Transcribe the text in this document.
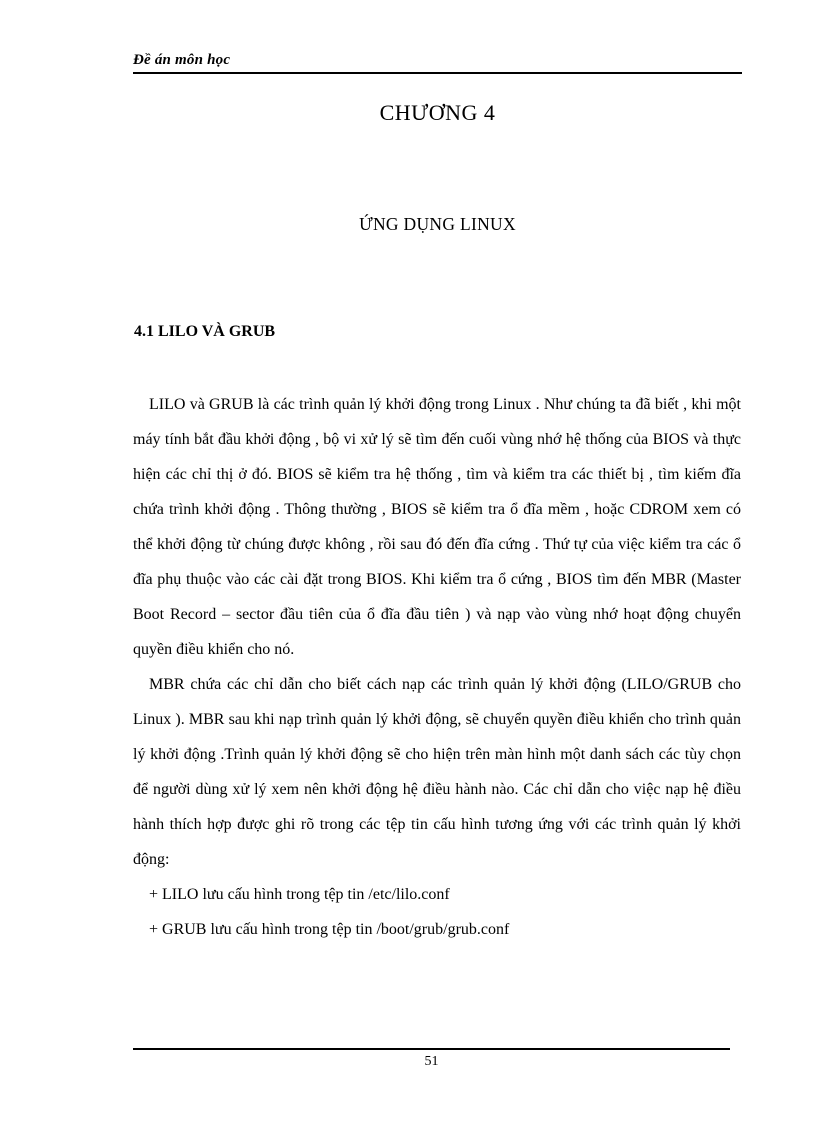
Đề án môn học
CHƯƠNG 4
ỨNG DỤNG LINUX
4.1 LILO VÀ GRUB

LILO và GRUB là các trình quản lý khởi động trong Linux . Như chúng ta đã biết , khi một máy tính bắt đầu khởi động , bộ vi xử lý sẽ tìm đến cuối vùng nhớ hệ thống của BIOS và thực hiện các chỉ thị ở đó. BIOS sẽ kiểm tra hệ thống , tìm và kiểm tra các thiết bị , tìm kiếm đĩa chứa trình khởi động . Thông thường , BIOS sẽ kiểm tra ổ đĩa mềm , hoặc CDROM xem có thể khởi động từ chúng được không , rồi sau đó đến đĩa cứng . Thứ tự của việc kiểm tra các ổ đĩa phụ thuộc vào các cài đặt trong BIOS. Khi kiểm tra ổ cứng , BIOS tìm đến MBR (Master Boot Record – sector đầu tiên của ổ đĩa đầu tiên ) và nạp vào vùng nhớ hoạt động chuyển quyền điều khiển cho nó.

MBR chứa các chỉ dẫn cho biết cách nạp các trình quản lý khởi động (LILO/GRUB cho Linux ). MBR sau khi nạp trình quản lý khởi động, sẽ chuyển quyền điều khiển cho trình quản lý khởi động .Trình quản lý khởi động sẽ cho hiện trên màn hình một danh sách các tùy chọn để người dùng xử lý xem nên khởi động hệ điều hành nào. Các chỉ dẫn cho việc nạp hệ điều hành thích hợp được ghi rõ trong các tệp tin cấu hình tương ứng với các trình quản lý khởi động:

+ LILO lưu cấu hình trong tệp tin /etc/lilo.conf

+ GRUB lưu cấu hình trong tệp tin /boot/grub/grub.conf

51
